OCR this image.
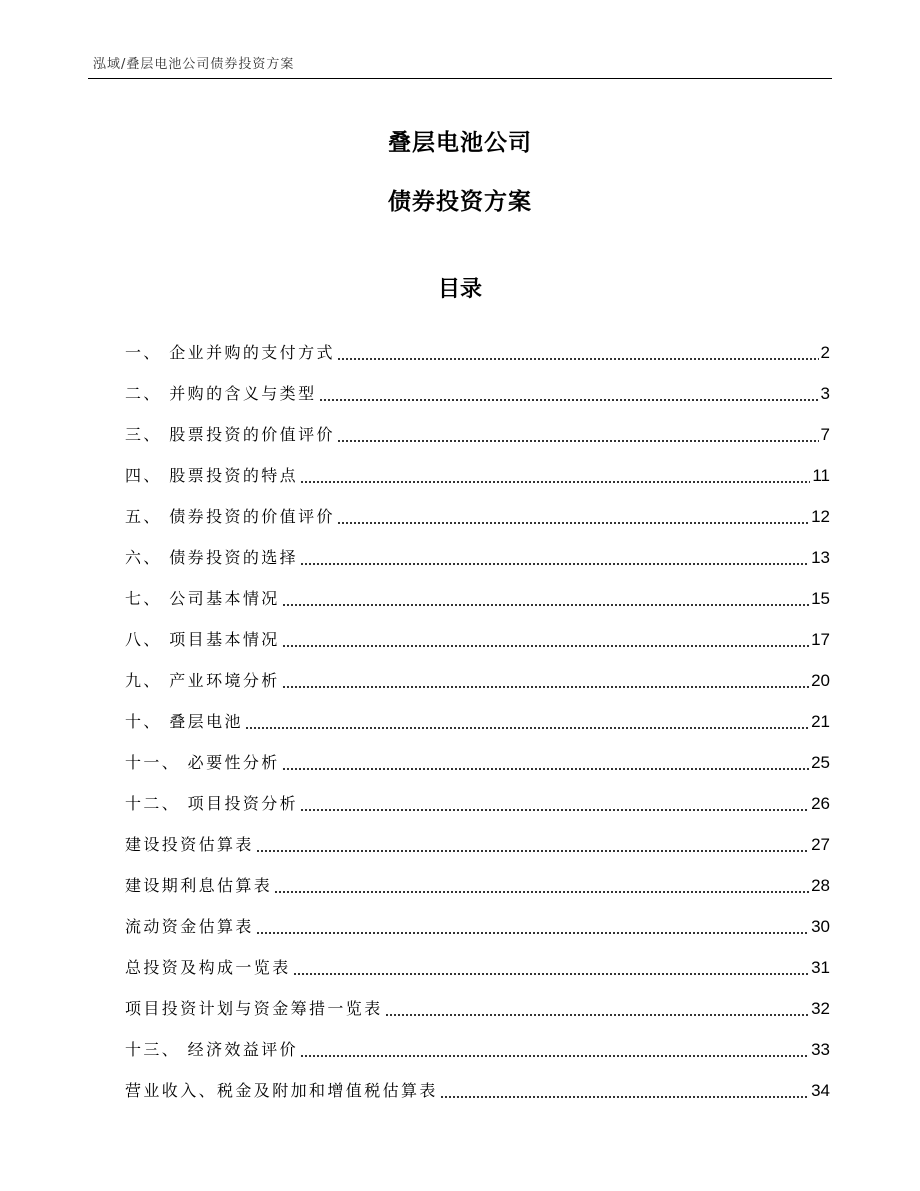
泓域/叠层电池公司债券投资方案
叠层电池公司
债券投资方案
目录
一、 企业并购的支付方式	2
二、 并购的含义与类型	3
三、 股票投资的价值评价	7
四、 股票投资的特点	11
五、 债券投资的价值评价	12
六、 债券投资的选择	13
七、 公司基本情况	15
八、 项目基本情况	17
九、 产业环境分析	20
十、 叠层电池	21
十一、 必要性分析	25
十二、 项目投资分析	26
建设投资估算表	27
建设期利息估算表	28
流动资金估算表	30
总投资及构成一览表	31
项目投资计划与资金筹措一览表	32
十三、 经济效益评价	33
营业收入、税金及附加和增值税估算表	34
